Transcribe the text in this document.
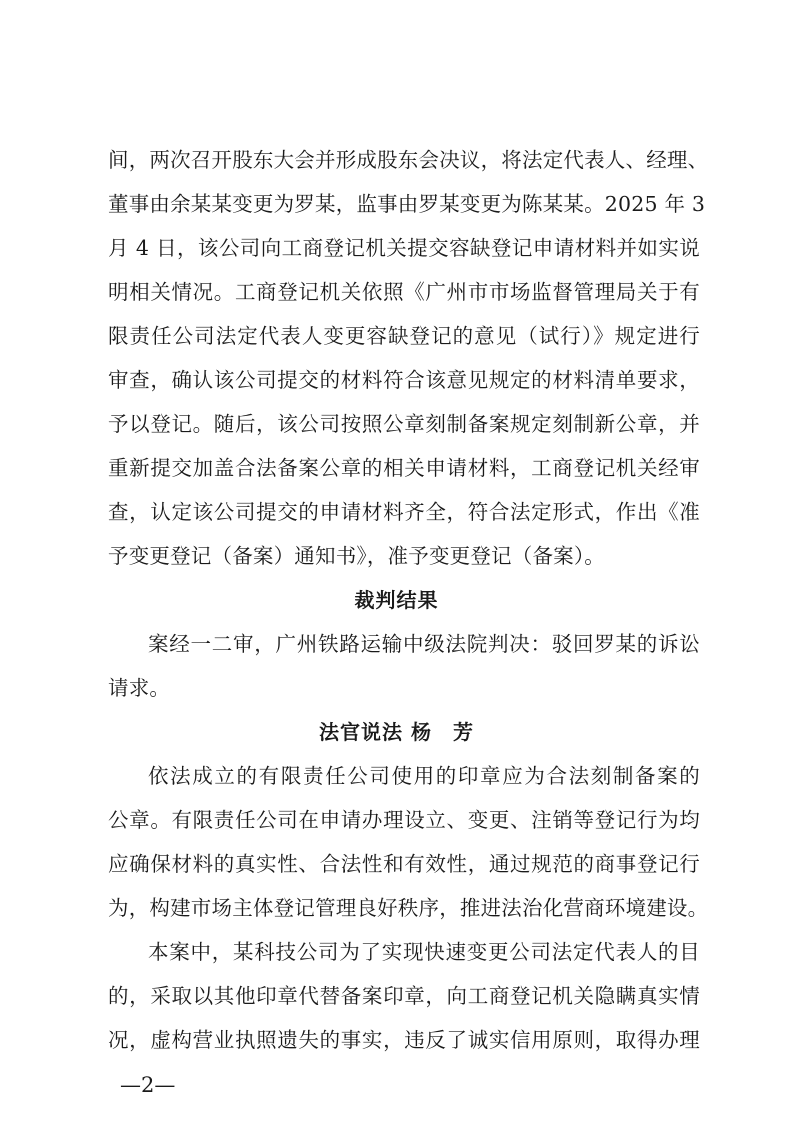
间，两次召开股东大会并形成股东会决议，将法定代表人、经理、
董事由余某某变更为罗某，监事由罗某变更为陈某某。2025 年 3
月 4 日，该公司向工商登记机关提交容缺登记申请材料并如实说
明相关情况。工商登记机关依照《广州市市场监督管理局关于有
限责任公司法定代表人变更容缺登记的意见（试行）》规定进行
审查，确认该公司提交的材料符合该意见规定的材料清单要求，
予以登记。随后，该公司按照公章刻制备案规定刻制新公章，并
重新提交加盖合法备案公章的相关申请材料，工商登记机关经审
查，认定该公司提交的申请材料齐全，符合法定形式，作出《准
予变更登记（备案）通知书》，准予变更登记（备案）。
裁判结果
案经一二审，广州铁路运输中级法院判决：驳回罗某的诉讼
请求。
法官说法 杨　芳
依法成立的有限责任公司使用的印章应为合法刻制备案的
公章。有限责任公司在申请办理设立、变更、注销等登记行为均
应确保材料的真实性、合法性和有效性，通过规范的商事登记行
为，构建市场主体登记管理良好秩序，推进法治化营商环境建设。
本案中，某科技公司为了实现快速变更公司法定代表人的目
的，采取以其他印章代替备案印章，向工商登记机关隐瞒真实情
况，虚构营业执照遗失的事实，违反了诚实信用原则，取得办理
—2—
